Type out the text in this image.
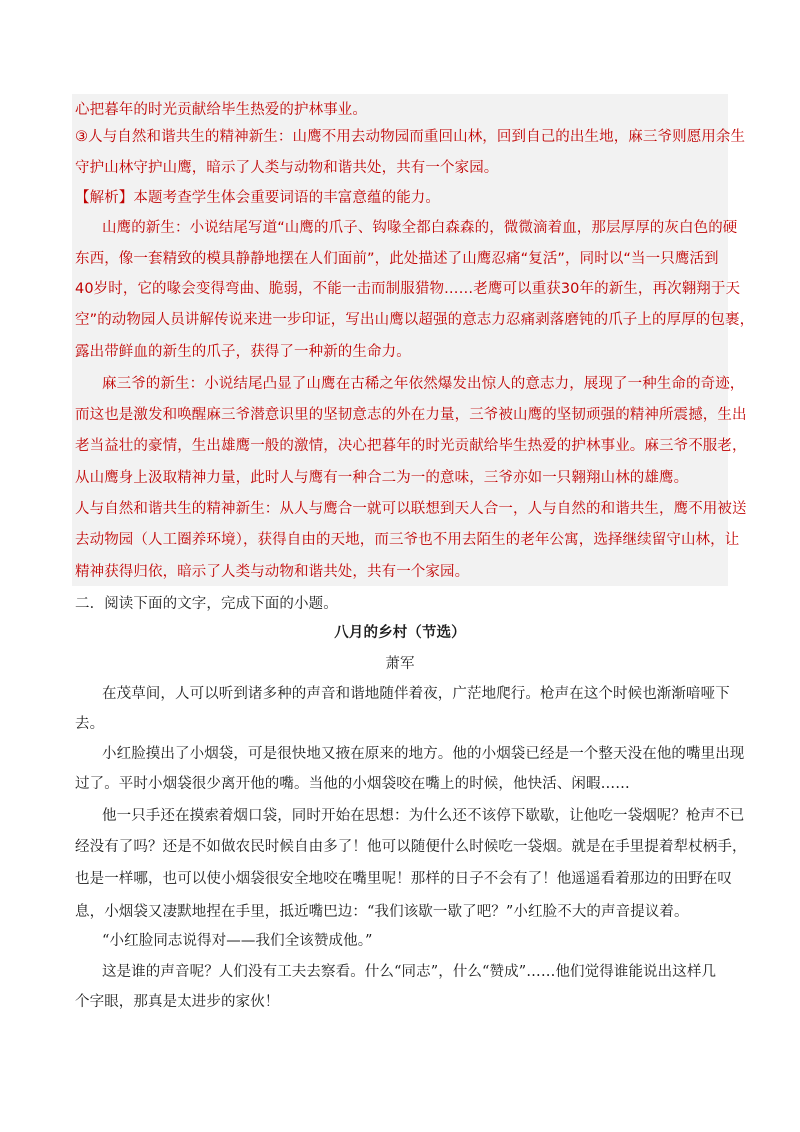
心把暮年的时光贡献给毕生热爱的护林事业。
③人与自然和谐共生的精神新生：山鹰不用去动物园而重回山林，回到自己的出生地，麻三爷则愿用余生
守护山林守护山鹰，暗示了人类与动物和谐共处，共有一个家园。
【解析】本题考查学生体会重要词语的丰富意蕴的能力。
山鹰的新生：小说结尾写道“山鹰的爪子、钩喙全都白森森的，微微滴着血，那层厚厚的灰白色的硬
东西，像一套精致的模具静静地摆在人们面前”，此处描述了山鹰忍痛“复活”，同时以“当一只鹰活到
40岁时，它的喙会变得弯曲、脆弱，不能一击而制服猎物……老鹰可以重获30年的新生，再次翱翔于天
空”的动物园人员讲解传说来进一步印证，写出山鹰以超强的意志力忍痛剥落磨钝的爪子上的厚厚的包裹，
露出带鲜血的新生的爪子，获得了一种新的生命力。
麻三爷的新生：小说结尾凸显了山鹰在古稀之年依然爆发出惊人的意志力，展现了一种生命的奇迹，
而这也是激发和唤醒麻三爷潜意识里的坚韧意志的外在力量，三爷被山鹰的坚韧顽强的精神所震撼，生出
老当益壮的豪情，生出雄鹰一般的激情，决心把暮年的时光贡献给毕生热爱的护林事业。麻三爷不服老，
从山鹰身上汲取精神力量，此时人与鹰有一种合二为一的意味，三爷亦如一只翱翔山林的雄鹰。
人与自然和谐共生的精神新生：从人与鹰合一就可以联想到天人合一，人与自然的和谐共生，鹰不用被送
去动物园（人工圈养环境），获得自由的天地，而三爷也不用去陌生的老年公寓，选择继续留守山林，让
精神获得归依，暗示了人类与动物和谐共处，共有一个家园。
二．阅读下面的文字，完成下面的小题。
八月的乡村（节选）
萧军
在茂草间，人可以听到诸多种的声音和谐地随伴着夜，广茫地爬行。枪声在这个时候也渐渐喑哑下
去。
小红脸摸出了小烟袋，可是很快地又掖在原来的地方。他的小烟袋已经是一个整天没在他的嘴里出现
过了。平时小烟袋很少离开他的嘴。当他的小烟袋咬在嘴上的时候，他快活、闲暇……
他一只手还在摸索着烟口袋，同时开始在思想：为什么还不该停下歇歇，让他吃一袋烟呢？枪声不已
经没有了吗？还是不如做农民时候自由多了！他可以随便什么时候吃一袋烟。就是在手里提着犁杖柄手，
也是一样哪，也可以使小烟袋很安全地咬在嘴里呢！那样的日子不会有了！他遥遥看着那边的田野在叹
息，小烟袋又凄默地捏在手里，抵近嘴巴边：“我们该歇一歇了吧？”小红脸不大的声音提议着。
“小红脸同志说得对——我们全该赞成他。”
这是谁的声音呢？人们没有工夫去察看。什么“同志”，什么“赞成”……他们觉得谁能说出这样几
个字眼，那真是太进步的家伙！
